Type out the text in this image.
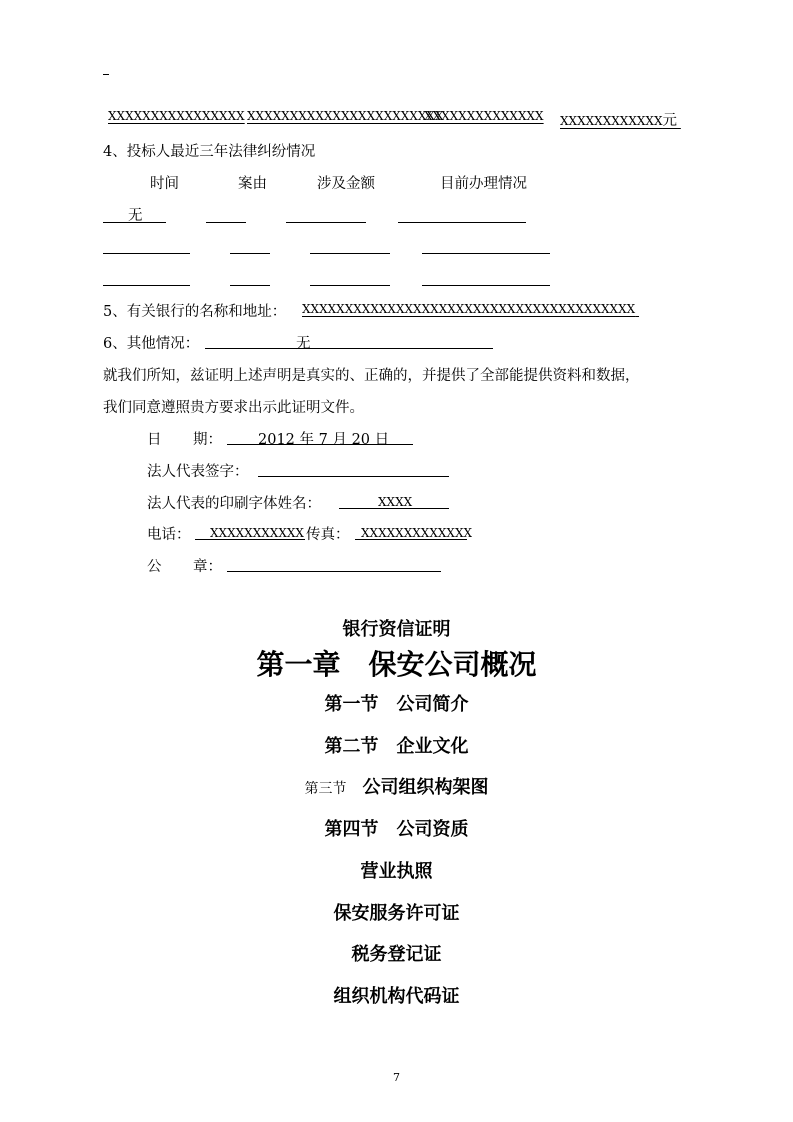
XXXXXXXXXXXXXXXX XXXXXXXXXXXXXXXXXXXXXXX
XXXXXXXXXXXXXX XXXXXXXXXXXX元
4、投标人最近三年法律纠纷情况
时间	案由	涉及金额	目前办理情况
无
5、有关银行的名称和地址： XXXXXXXXXXXXXXXXXXXXXXXXXXXXXXXXXXXXXXX
6、其他情况：	无
就我们所知，兹证明上述声明是真实的、正确的，并提供了全部能提供资料和数据，
我们同意遵照贵方要求出示此证明文件。
日 期： 2012 年 7 月 20 日
法人代表签字：
法人代表的印刷字体姓名：	XXXX
电话： XXXXXXXXXXX 传真： XXXXXXXXXXXXX
公 章：
银行资信证明
第一章　保安公司概况
第一节　公司简介
第二节　企业文化
第三节 公司组织构架图
第四节　公司资质
营业执照
保安服务许可证
税务登记证
组织机构代码证
7
